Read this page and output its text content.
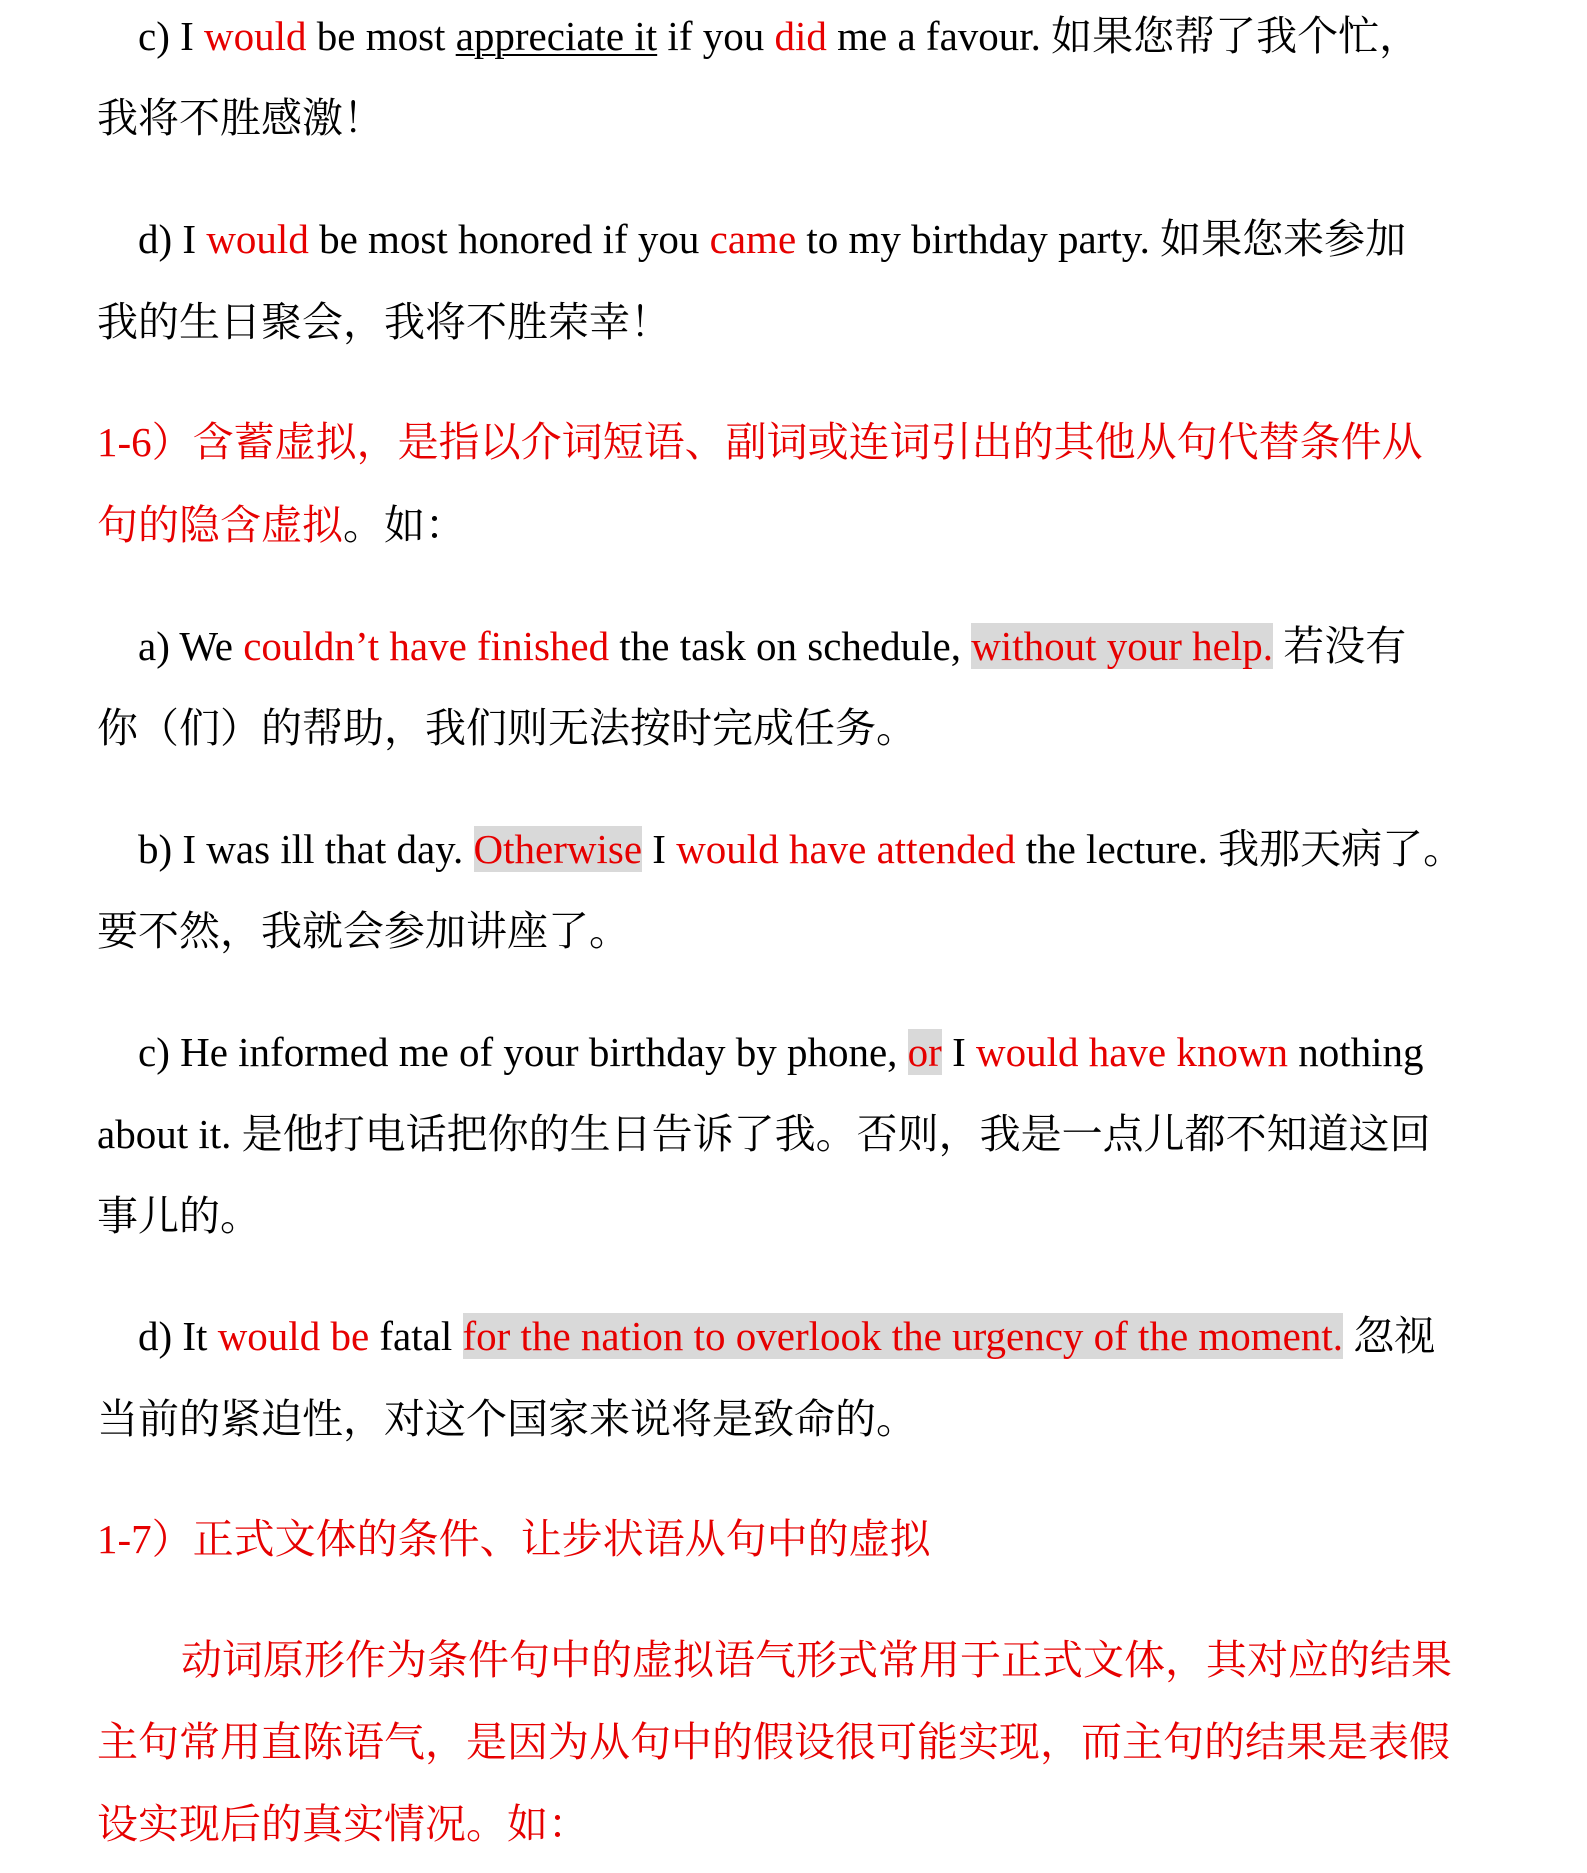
c) I would be most appreciate it if you did me a favour. 如果您帮了我个忙，
我将不胜感激！
d) I would be most honored if you came to my birthday party. 如果您来参加
我的生日聚会，我将不胜荣幸！
1-6）含蓄虚拟，是指以介词短语、副词或连词引出的其他从句代替条件从
句的隐含虚拟。如：
a) We couldn’t have finished the task on schedule, without your help. 若没有
你（们）的帮助，我们则无法按时完成任务。
b) I was ill that day. Otherwise I would have attended the lecture. 我那天病了。
要不然，我就会参加讲座了。
c) He informed me of your birthday by phone, or I would have known nothing
about it. 是他打电话把你的生日告诉了我。否则，我是一点儿都不知道这回
事儿的。
d) It would be fatal for the nation to overlook the urgency of the moment. 忽视
当前的紧迫性，对这个国家来说将是致命的。
1-7）正式文体的条件、让步状语从句中的虚拟
动词原形作为条件句中的虚拟语气形式常用于正式文体，其对应的结果
主句常用直陈语气，是因为从句中的假设很可能实现，而主句的结果是表假
设实现后的真实情况。如：
